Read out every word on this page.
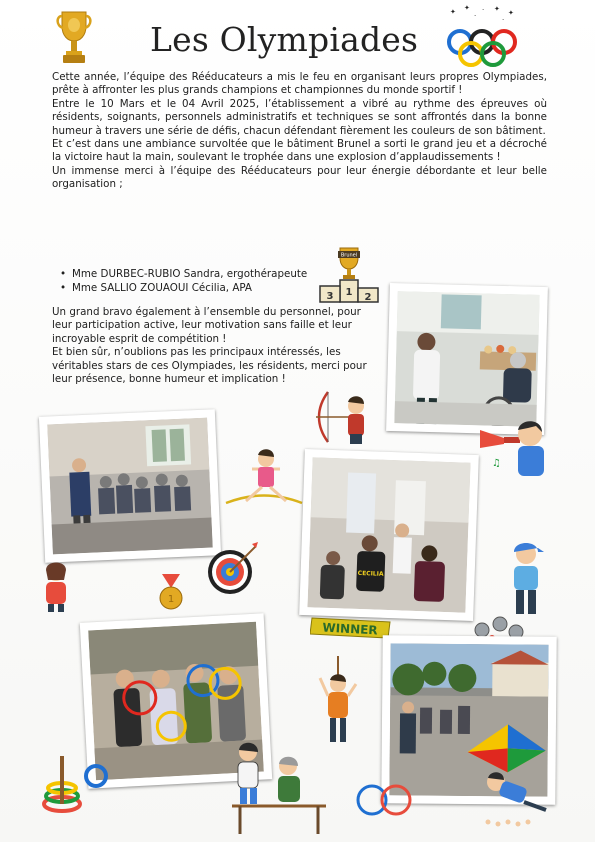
Les Olympiades
✦ ✦ · ✦ ✦
·	·

Cette année, l’équipe des Rééducateurs a mis le feu en organisant leurs propres Olympiades, prête à affronter les plus grands champions et championnes du monde sportif !

Entre le 10 Mars et le 04 Avril 2025, l’établissement a vibré au rythme des épreuves où résidents, soignants, personnels administratifs et techniques se sont affrontés dans la bonne humeur à travers une série de défis, chacun défendant fièrement les couleurs de son bâtiment.

Et c’est dans une ambiance survoltée que le bâtiment Brunel a sorti le grand jeu et a décroché la victoire haut la main, soulevant le trophée dans une explosion d’applaudissements !

Un immense merci à l’équipe des Rééducateurs pour leur énergie débordante et leur belle organisation ;

• Mme DURBEC-RUBIO Sandra, ergothérapeute
• Mme SALLIO ZOUAOUI Cécilia, APA
Brunel
3 1 2

Un grand bravo également à l’ensemble du personnel, pour leur participation active, leur motivation sans faille et leur incroyable esprit de compétition !

Et bien sûr, n’oublions pas les principaux intéressés, les véritables stars de ces Olympiades, les résidents, merci pour leur présence, bonne humeur et implication !

♫
CECILIA
1
WINNER
